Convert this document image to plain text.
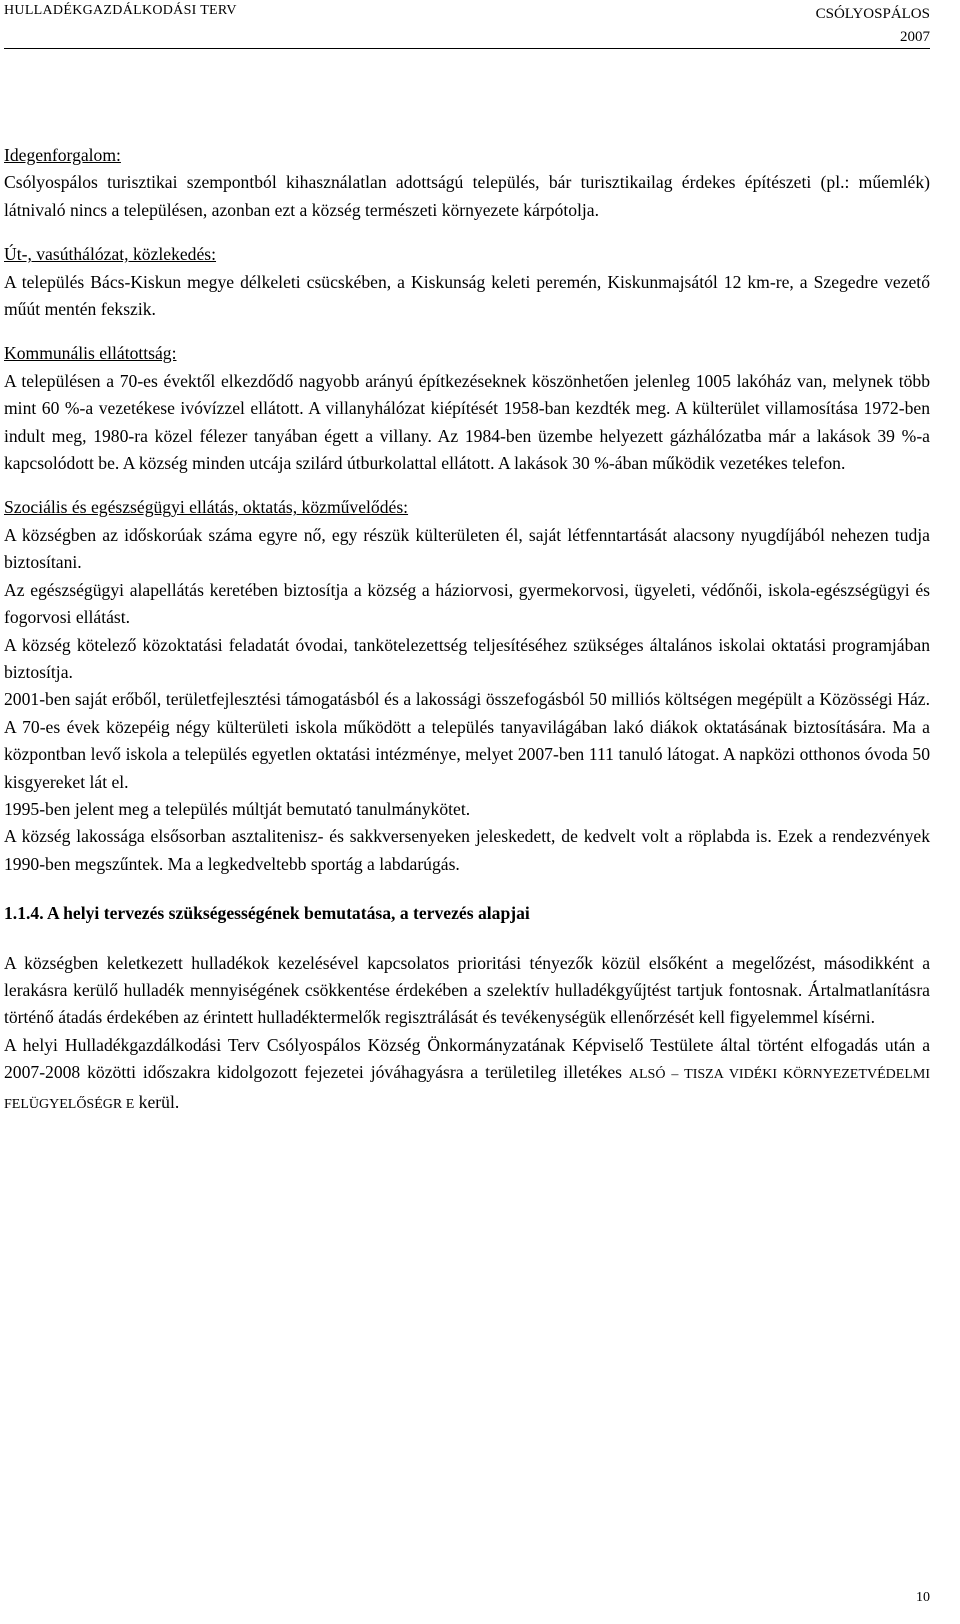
HULLADÉKGAZDÁLKODÁSI TERV	CSÓLYOSPÁLOS
2007
Idegenforgalom:

Csólyospálos turisztikai szempontból kihasználatlan adottságú település, bár turisztikailag érdekes építészeti (pl.: műemlék) látnivaló nincs a településen, azonban ezt a község természeti környezete kárpótolja.

Út-, vasúthálózat, közlekedés:

A település Bács-Kiskun megye délkeleti csücskében, a Kiskunság keleti peremén, Kiskunmajsától 12 km-re, a Szegedre vezető műút mentén fekszik.

Kommunális ellátottság:

A településen a 70-es évektől elkezdődő nagyobb arányú építkezéseknek köszönhetően jelenleg 1005 lakóház van, melynek több mint 60 %-a vezetékese ivóvízzel ellátott. A villanyhálózat kiépítését 1958-ban kezdték meg. A külterület villamosítása 1972-ben indult meg, 1980-ra közel félezer tanyában égett a villany. Az 1984-ben üzembe helyezett gázhálózatba már a lakások 39 %-a kapcsolódott be. A község minden utcája szilárd útburkolattal ellátott. A lakások 30 %-ában működik vezetékes telefon.

Szociális és egészségügyi ellátás, oktatás, közművelődés:

A községben az időskorúak száma egyre nő, egy részük külterületen él, saját létfenntartását alacsony nyugdíjából nehezen tudja biztosítani.

Az egészségügyi alapellátás keretében biztosítja a község a háziorvosi, gyermekorvosi, ügyeleti, védőnői, iskola-egészségügyi és fogorvosi ellátást.

A község kötelező közoktatási feladatát óvodai, tankötelezettség teljesítéséhez szükséges általános iskolai oktatási programjában biztosítja.

2001-ben saját erőből, területfejlesztési támogatásból és a lakossági összefogásból 50 milliós költségen megépült a Közösségi Ház. A 70-es évek közepéig négy külterületi iskola működött a település tanyavilágában lakó diákok oktatásának biztosítására. Ma a központban levő iskola a település egyetlen oktatási intézménye, melyet 2007-ben 111 tanuló látogat. A napközi otthonos óvoda 50 kisgyereket lát el.

1995-ben jelent meg a település múltját bemutató tanulmánykötet.

A község lakossága elsősorban asztalitenisz- és sakkversenyeken jeleskedett, de kedvelt volt a röplabda is. Ezek a rendezvények 1990-ben megszűntek. Ma a legkedveltebb sportág a labdarúgás.

1.1.4. A helyi tervezés szükségességének bemutatása, a tervezés alapjai

A községben keletkezett hulladékok kezelésével kapcsolatos prioritási tényezők közül elsőként a megelőzést, másodikként a lerakásra kerülő hulladék mennyiségének csökkentése érdekében a szelektív hulladékgyűjtést tartjuk fontosnak. Ártalmatlanításra történő átadás érdekében az érintett hulladéktermelők regisztrálását és tevékenységük ellenőrzését kell figyelemmel kísérni.

A helyi Hulladékgazdálkodási Terv Csólyospálos Község Önkormányzatának Képviselő Testülete által történt elfogadás után a 2007-2008 közötti időszakra kidolgozott fejezetei jóváhagyásra a területileg illetékes ALSÓ – TISZA VIDÉKI KÖRNYEZETVÉDELMI FELÜGYELŐSÉGR E kerül.

10
